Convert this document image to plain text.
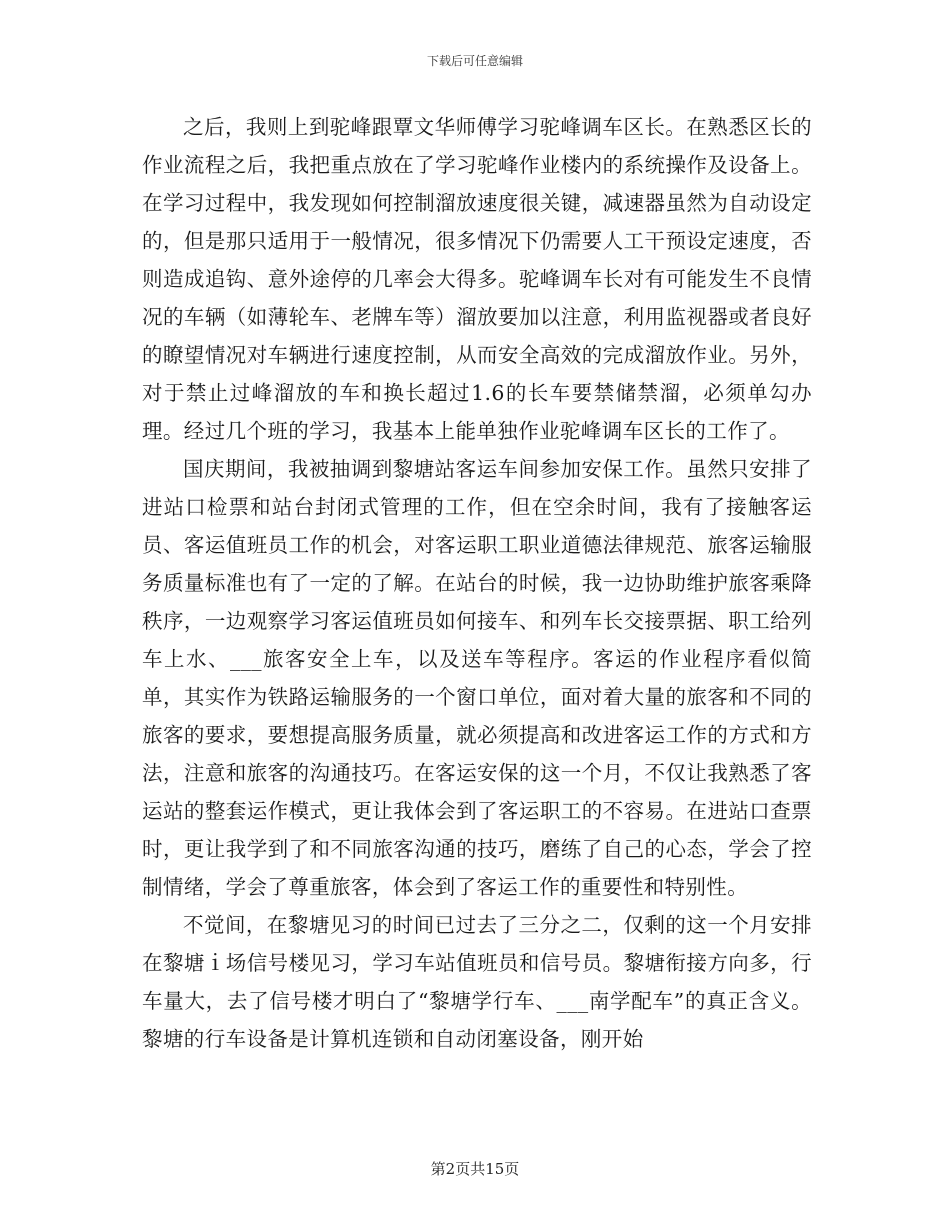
下载后可任意编辑

之后，我则上到驼峰跟覃文华师傅学习驼峰调车区长。在熟悉区长的作业流程之后，我把重点放在了学习驼峰作业楼内的系统操作及设备上。在学习过程中，我发现如何控制溜放速度很关键，减速器虽然为自动设定的，但是那只适用于一般情况，很多情况下仍需要人工干预设定速度，否则造成追钩、意外途停的几率会大得多。驼峰调车长对有可能发生不良情况的车辆（如薄轮车、老牌车等）溜放要加以注意，利用监视器或者良好的瞭望情况对车辆进行速度控制，从而安全高效的完成溜放作业。另外，对于禁止过峰溜放的车和换长超过1.6的长车要禁储禁溜，必须单勾办理。经过几个班的学习，我基本上能单独作业驼峰调车区长的工作了。

国庆期间，我被抽调到黎塘站客运车间参加安保工作。虽然只安排了进站口检票和站台封闭式管理的工作，但在空余时间，我有了接触客运员、客运值班员工作的机会，对客运职工职业道德法律规范、旅客运输服务质量标准也有了一定的了解。在站台的时候，我一边协助维护旅客乘降秩序，一边观察学习客运值班员如何接车、和列车长交接票据、职工给列车上水、___旅客安全上车，以及送车等程序。客运的作业程序看似简单，其实作为铁路运输服务的一个窗口单位，面对着大量的旅客和不同的旅客的要求，要想提高服务质量，就必须提高和改进客运工作的方式和方法，注意和旅客的沟通技巧。在客运安保的这一个月，不仅让我熟悉了客运站的整套运作模式，更让我体会到了客运职工的不容易。在进站口查票时，更让我学到了和不同旅客沟通的技巧，磨练了自己的心态，学会了控制情绪，学会了尊重旅客，体会到了客运工作的重要性和特别性。

不觉间，在黎塘见习的时间已过去了三分之二，仅剩的这一个月安排在黎塘ｉ场信号楼见习，学习车站值班员和信号员。黎塘衔接方向多，行车量大，去了信号楼才明白了“黎塘学行车、___南学配车”的真正含义。黎塘的行车设备是计算机连锁和自动闭塞设备，刚开始

第2页共15页
